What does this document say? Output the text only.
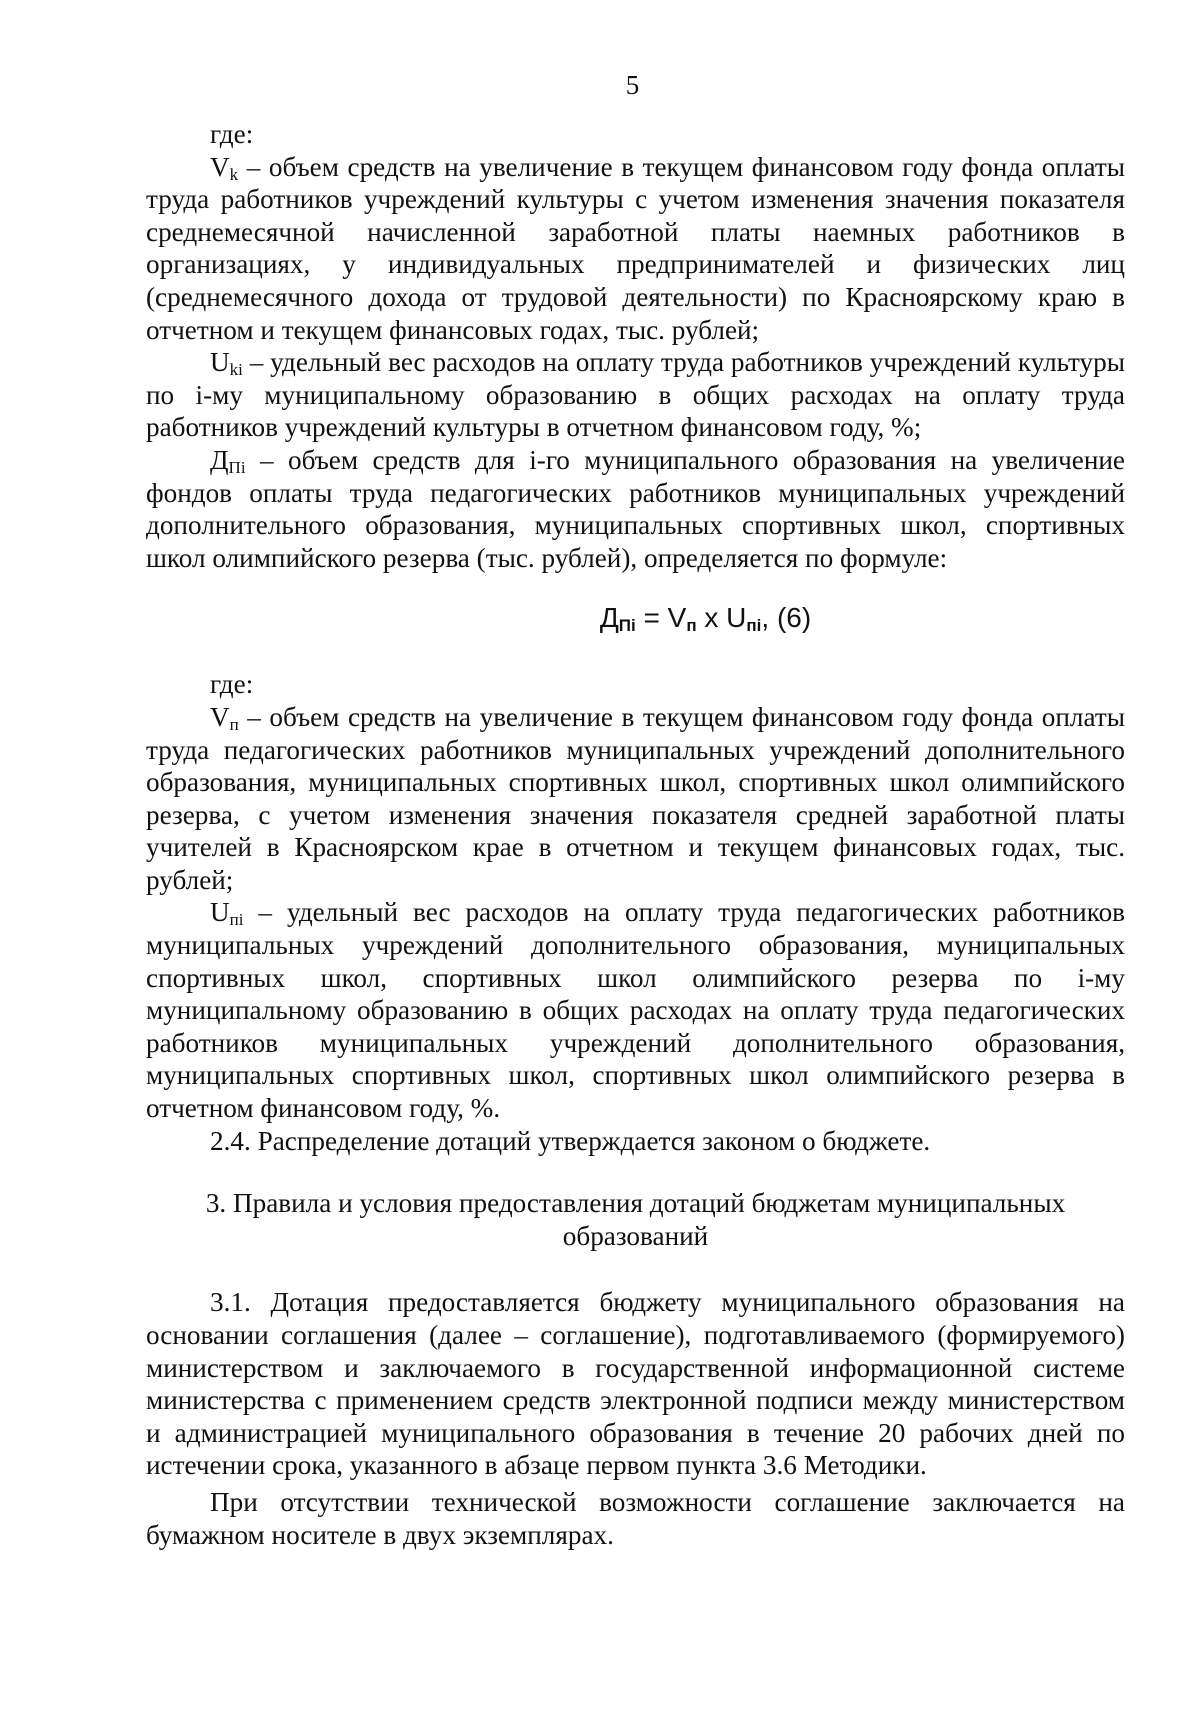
5

где:

$V_k$ – объем средств на увеличение в текущем финансовом году фонда оплаты труда работников учреждений культуры с учетом изменения значения показателя среднемесячной начисленной заработной платы наемных работников в организациях, у индивидуальных предпринимателей и физических лиц (среднемесячного дохода от трудовой деятельности) по Красноярскому краю в отчетном и текущем финансовых годах, тыс. рублей;

$U_{ki}$ – удельный вес расходов на оплату труда работников учреждений культуры по i-му муниципальному образованию в общих расходах на оплату труда работников учреждений культуры в отчетном финансовом году, %;

$Д_{Пi}$ – объем средств для i-го муниципального образования на увеличение фондов оплаты труда педагогических работников муниципальных учреждений дополнительного образования, муниципальных спортивных школ, спортивных школ олимпийского резерва (тыс. рублей), определяется по формуле:

$Д_{Пi} = V_п$ x $U_{пi}$, (6)

где:

$V_п$ – объем средств на увеличение в текущем финансовом году фонда оплаты труда педагогических работников муниципальных учреждений дополнительного образования, муниципальных спортивных школ, спортивных школ олимпийского резерва, с учетом изменения значения показателя средней заработной платы учителей в Красноярском крае в отчетном и текущем финансовых годах, тыс. рублей;

$U_{пi}$ – удельный вес расходов на оплату труда педагогических работников муниципальных учреждений дополнительного образования, муниципальных спортивных школ, спортивных школ олимпийского резерва по i-му муниципальному образованию в общих расходах на оплату труда педагогических работников муниципальных учреждений дополнительного образования, муниципальных спортивных школ, спортивных школ олимпийского резерва в отчетном финансовом году, %.

2.4. Распределение дотаций утверждается законом о бюджете.

3. Правила и условия предоставления дотаций бюджетам муниципальных
образований

3.1. Дотация предоставляется бюджету муниципального образования на основании соглашения (далее – соглашение), подготавливаемого (формируемого) министерством и заключаемого в государственной информационной системе министерства с применением средств электронной подписи между министерством и администрацией муниципального образования в течение 20 рабочих дней по истечении срока, указанного в абзаце первом пункта 3.6 Методики.

При отсутствии технической возможности соглашение заключается на бумажном носителе в двух экземплярах.
